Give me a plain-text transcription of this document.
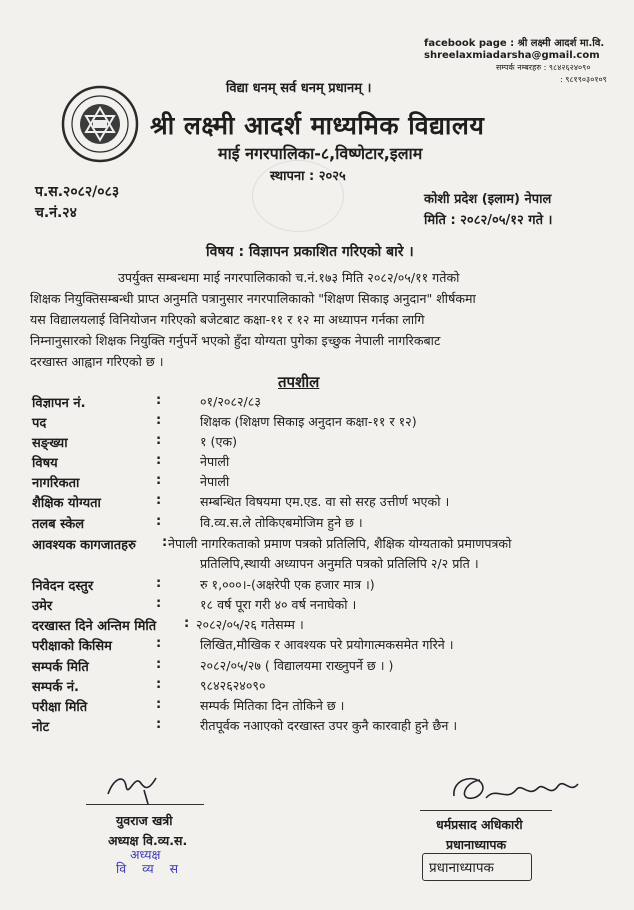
facebook page : श्री लक्ष्मी आदर्श मा.वि.
shreelaxmiadarsha@gmail.com
सम्पर्क नम्बरहरु : ९८४२६२४०९०
: ९८१९०३०१०९
विद्या धनम् सर्व धनम् प्रधानम् ।
श्री लक्ष्मी आदर्श माध्यमिक विद्यालय
माई नगरपालिका-८,विष्णेटार,इलाम
स्थापना : २०२५
प.स.२०८२/०८३
च.नं.२४
कोशी प्रदेश (इलाम) नेपाल
मिति : २०८२/०५/१२ गते ।
विषय : विज्ञापन प्रकाशित गरिएको बारे ।
उपर्युक्त सम्बन्धमा माई नगरपालिकाको च.नं.१७३ मिति २०८२/०५/११ गतेको
शिक्षक नियुक्तिसम्बन्धी प्राप्त अनुमति पत्रानुसार नगरपालिकाको "शिक्षण सिकाइ अनुदान" शीर्षकमा
यस विद्यालयलाई विनियोजन गरिएको बजेटबाट कक्षा-११ र १२ मा अध्यापन गर्नका लागि
निम्नानुसारको शिक्षक नियुक्ति गर्नुपर्ने भएको हुँदा योग्यता पुगेका इच्छुक नेपाली नागरिकबाट
दरखास्त आह्वान गरिएको छ ।
तपशील
विज्ञापन नं.	:	०१/२०८२/८३
पद	:	शिक्षक (शिक्षण सिकाइ अनुदान कक्षा-११ र १२)
सङ्ख्या	:	१ (एक)
विषय	:	नेपाली
नागरिकता	:	नेपाली
शैक्षिक योग्यता	:	सम्बन्धित विषयमा एम.एड. वा सो सरह उत्तीर्ण भएको ।
तलब स्केल	:	वि.व्य.स.ले तोकिएबमोजिम हुने छ ।
आवश्यक कागजातहरु : नेपाली नागरिकताको प्रमाण पत्रको प्रतिलिपि, शैक्षिक योग्यताको प्रमाणपत्रको
प्रतिलिपि,स्थायी अध्यापन अनुमति पत्रको प्रतिलिपि २/२ प्रति ।
निवेदन दस्तुर	:	रु १,०००।-(अक्षरेपी एक हजार मात्र ।)
उमेर	:	१८ वर्ष पूरा गरी ४० वर्ष ननाघेको ।
दरखास्त दिने अन्तिम मिति : २०८२/०५/२६ गतेसम्म ।
परीक्षाको किसिम	:	लिखित,मौखिक र आवश्यक परे प्रयोगात्मकसमेत गरिने ।
सम्पर्क मिति	:	२०८२/०५/२७ ( विद्यालयमा राख्नुपर्ने छ । )
सम्पर्क नं.	:	९८४२६२४०९०
परीक्षा मिति	:	सम्पर्क मितिका दिन तोकिने छ ।
नोट	:	रीतपूर्वक नआएको दरखास्त उपर कुनै कारवाही हुने छैन ।
युवराज खत्री
अध्यक्ष वि.व्य.स.
अध्यक्ष
वि व्य स
धर्मप्रसाद अधिकारी
प्रधानाध्यापक
प्रधानाध्यापक
